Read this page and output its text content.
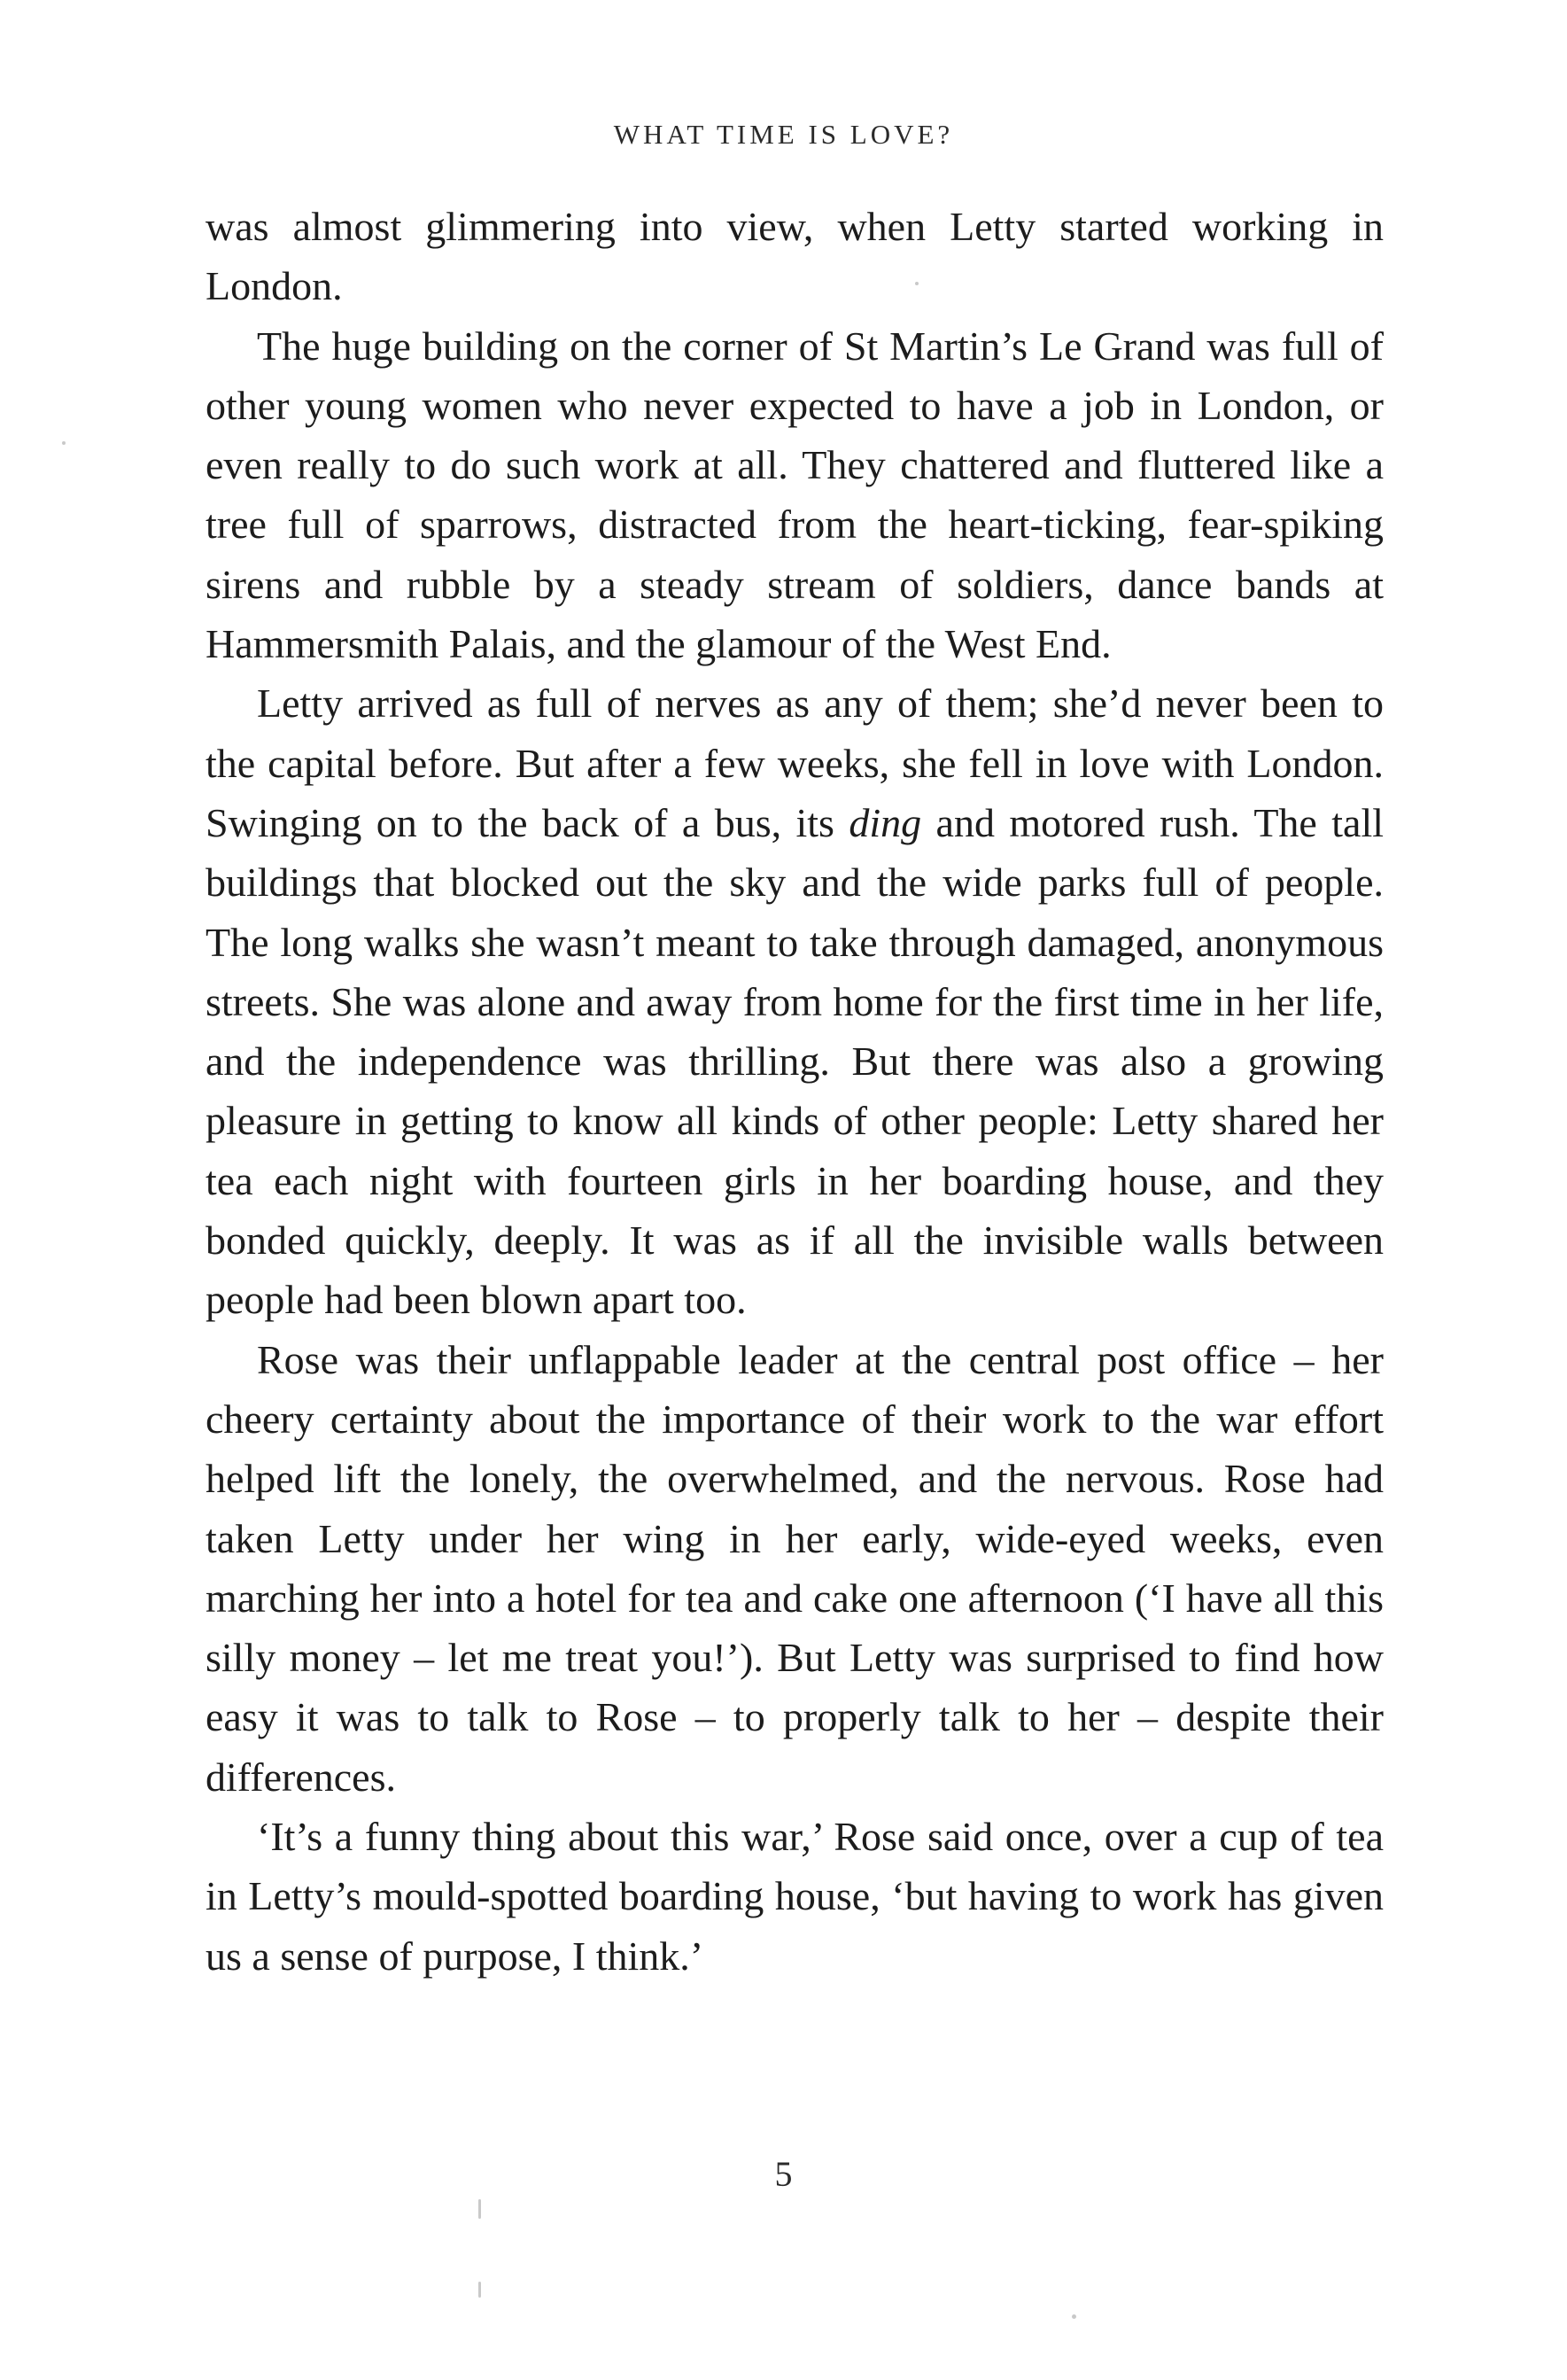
WHAT TIME IS LOVE?

was almost glimmering into view, when Letty started working in London.

The huge building on the corner of St Martin’s Le Grand was full of other young women who never expected to have a job in London, or even really to do such work at all. They chattered and fluttered like a tree full of sparrows, distracted from the heart-ticking, fear-spiking sirens and rubble by a steady stream of soldiers, dance bands at Hammersmith Palais, and the glamour of the West End.

Letty arrived as full of nerves as any of them; she’d never been to the capital before. But after a few weeks, she fell in love with London. Swinging on to the back of a bus, its ding and motored rush. The tall buildings that blocked out the sky and the wide parks full of people. The long walks she wasn’t meant to take through damaged, anonymous streets. She was alone and away from home for the first time in her life, and the independence was thrilling. But there was also a growing pleasure in getting to know all kinds of other people: Letty shared her tea each night with fourteen girls in her boarding house, and they bonded quickly, deeply. It was as if all the invisible walls between people had been blown apart too.

Rose was their unflappable leader at the central post office – her cheery certainty about the importance of their work to the war effort helped lift the lonely, the overwhelmed, and the nervous. Rose had taken Letty under her wing in her early, wide-eyed weeks, even marching her into a hotel for tea and cake one afternoon (‘I have all this silly money – let me treat you!’). But Letty was surprised to find how easy it was to talk to Rose – to properly talk to her – despite their differences.

‘It’s a funny thing about this war,’ Rose said once, over a cup of tea in Letty’s mould-spotted boarding house, ‘but having to work has given us a sense of purpose, I think.’

5
